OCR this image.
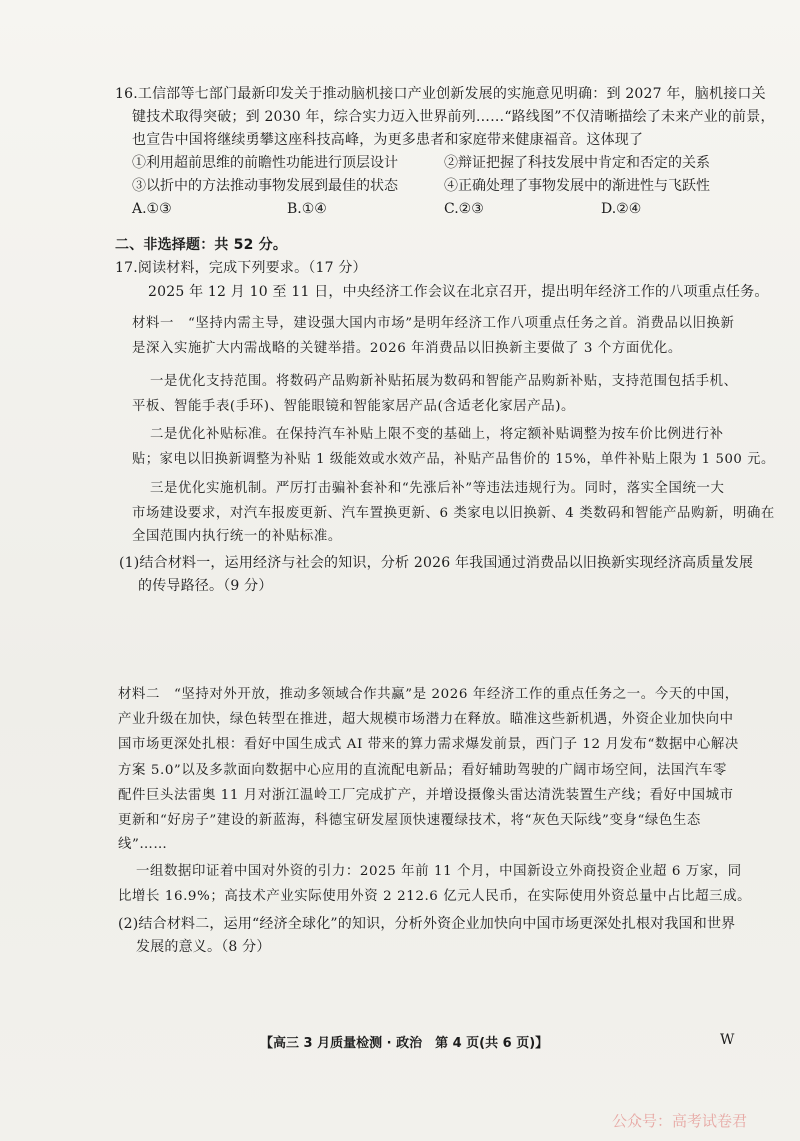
16.工信部等七部门最新印发关于推动脑机接口产业创新发展的实施意见明确：到 2027 年，脑机接口关
键技术取得突破；到 2030 年，综合实力迈入世界前列……“路线图”不仅清晰描绘了未来产业的前景，
也宣告中国将继续勇攀这座科技高峰，为更多患者和家庭带来健康福音。这体现了
①利用超前思维的前瞻性功能进行顶层设计	②辩证把握了科技发展中肯定和否定的关系
③以折中的方法推动事物发展到最佳的状态	④正确处理了事物发展中的渐进性与飞跃性
A.①③	B.①④	C.②③	D.②④
二、非选择题：共 52 分。
17.阅读材料，完成下列要求。（17 分）
2025 年 12 月 10 至 11 日，中央经济工作会议在北京召开，提出明年经济工作的八项重点任务。
材料一　“坚持内需主导，建设强大国内市场”是明年经济工作八项重点任务之首。消费品以旧换新
是深入实施扩大内需战略的关键举措。2026 年消费品以旧换新主要做了 3 个方面优化。
一是优化支持范围。将数码产品购新补贴拓展为数码和智能产品购新补贴，支持范围包括手机、
平板、智能手表(手环)、智能眼镜和智能家居产品(含适老化家居产品)。
二是优化补贴标准。在保持汽车补贴上限不变的基础上，将定额补贴调整为按车价比例进行补
贴；家电以旧换新调整为补贴 1 级能效或水效产品，补贴产品售价的 15%，单件补贴上限为 1 500 元。
三是优化实施机制。严厉打击骗补套补和“先涨后补”等违法违规行为。同时，落实全国统一大
市场建设要求，对汽车报废更新、汽车置换更新、6 类家电以旧换新、4 类数码和智能产品购新，明确在
全国范围内执行统一的补贴标准。
(1)结合材料一，运用经济与社会的知识，分析 2026 年我国通过消费品以旧换新实现经济高质量发展
的传导路径。（9 分）
材料二　“坚持对外开放，推动多领域合作共赢”是 2026 年经济工作的重点任务之一。今天的中国，
产业升级在加快，绿色转型在推进，超大规模市场潜力在释放。瞄准这些新机遇，外资企业加快向中
国市场更深处扎根：看好中国生成式 AI 带来的算力需求爆发前景，西门子 12 月发布“数据中心解决
方案 5.0”以及多款面向数据中心应用的直流配电新品；看好辅助驾驶的广阔市场空间，法国汽车零
配件巨头法雷奥 11 月对浙江温岭工厂完成扩产，并增设摄像头雷达清洗装置生产线；看好中国城市
更新和“好房子”建设的新蓝海，科德宝研发屋顶快速覆绿技术，将“灰色天际线”变身“绿色生态
线”……
一组数据印证着中国对外资的引力：2025 年前 11 个月，中国新设立外商投资企业超 6 万家，同
比增长 16.9%；高技术产业实际使用外资 2 212.6 亿元人民币，在实际使用外资总量中占比超三成。
(2)结合材料二，运用“经济全球化”的知识，分析外资企业加快向中国市场更深处扎根对我国和世界
发展的意义。（8 分）
【高三 3 月质量检测 · 政治　第 4 页(共 6 页)】	W
公众号：高考试卷君
